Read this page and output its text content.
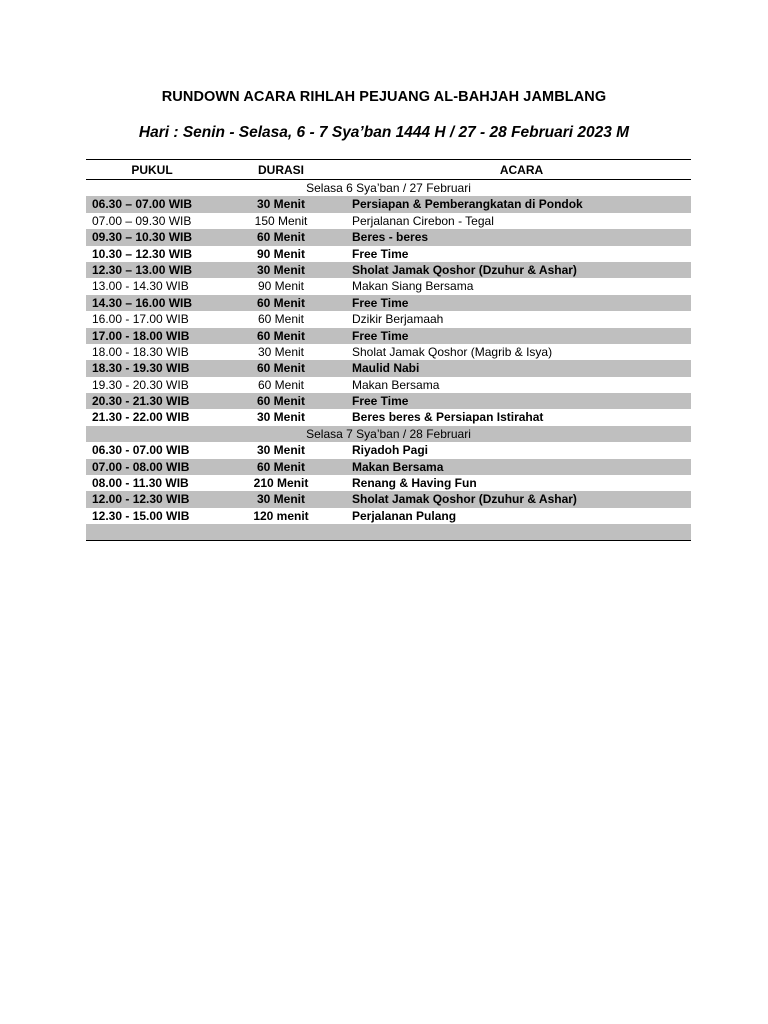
RUNDOWN ACARA RIHLAH PEJUANG AL-BAHJAH JAMBLANG
Hari : Senin - Selasa, 6 - 7 Sya’ban 1444 H / 27 - 28 Februari 2023 M
PUKUL	DURASI	ACARA
Selasa 6 Sya’ban / 27 Februari
06.30 – 07.00 WIB	30 Menit	Persiapan & Pemberangkatan di Pondok
07.00 – 09.30 WIB	150 Menit	Perjalanan Cirebon - Tegal
09.30 – 10.30 WIB	60 Menit	Beres - beres
10.30 – 12.30 WIB	90 Menit	Free Time
12.30 – 13.00 WIB	30 Menit	Sholat Jamak Qoshor (Dzuhur & Ashar)
13.00 - 14.30 WIB	90 Menit	Makan Siang Bersama
14.30 – 16.00 WIB	60 Menit	Free Time
16.00 - 17.00 WIB	60 Menit	Dzikir Berjamaah
17.00 - 18.00 WIB	60 Menit	Free Time
18.00 - 18.30 WIB	30 Menit	Sholat Jamak Qoshor (Magrib & Isya)
18.30 - 19.30 WIB	60 Menit	Maulid Nabi
19.30 - 20.30 WIB	60 Menit	Makan Bersama
20.30 - 21.30 WIB	60 Menit	Free Time
21.30 - 22.00 WIB	30 Menit	Beres beres & Persiapan Istirahat
Selasa 7 Sya’ban / 28 Februari
06.30 - 07.00 WIB	30 Menit	Riyadoh Pagi
07.00 - 08.00 WIB	60 Menit	Makan Bersama
08.00 - 11.30 WIB	210 Menit	Renang & Having Fun
12.00 - 12.30 WIB	30 Menit	Sholat Jamak Qoshor (Dzuhur & Ashar)
12.30 - 15.00 WIB	120 menit	Perjalanan Pulang
